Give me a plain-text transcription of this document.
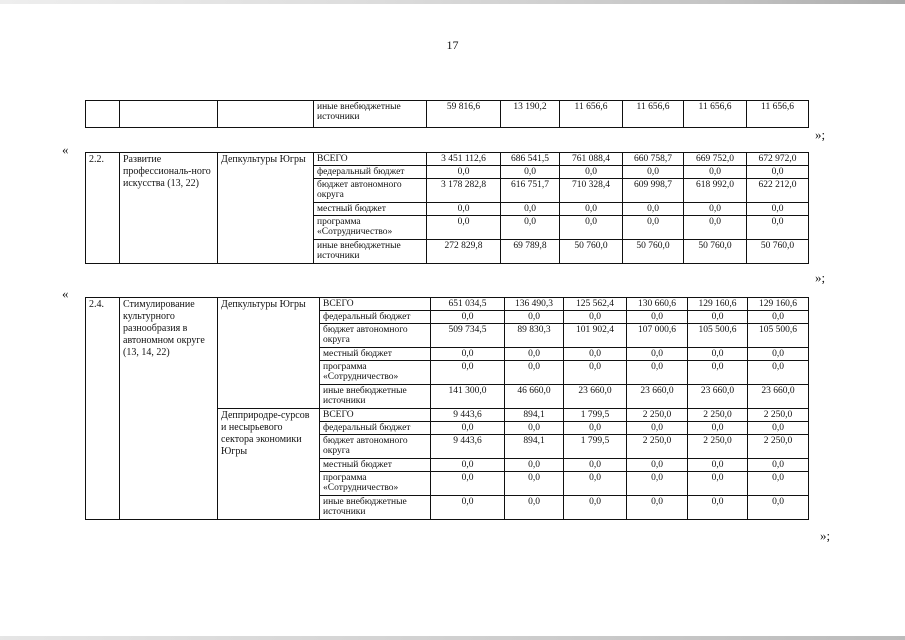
17
			иные внебюджетные источники	59 816,6	13 190,2	11 656,6	11 656,6	11 656,6	11 656,6
»;
«
2.2.	Развитие профессиональ-ного искусства (13, 22)	Депкультуры Югры	ВСЕГО	3 451 112,6	686 541,5	761 088,4	660 758,7	669 752,0	672 972,0
			федеральный бюджет	0,0	0,0	0,0	0,0	0,0	0,0
			бюджет автономного округа	3 178 282,8	616 751,7	710 328,4	609 998,7	618 992,0	622 212,0
			местный бюджет	0,0	0,0	0,0	0,0	0,0	0,0
			программа «Сотрудничество»	0,0	0,0	0,0	0,0	0,0	0,0
			иные внебюджетные источники	272 829,8	69 789,8	50 760,0	50 760,0	50 760,0	50 760,0
»;
«
2.4.	Стимулирование культурного разнообразия в автономном округе (13, 14, 22)	Депкультуры Югры	ВСЕГО	651 034,5	136 490,3	125 562,4	130 660,6	129 160,6	129 160,6
			федеральный бюджет	0,0	0,0	0,0	0,0	0,0	0,0
			бюджет автономного округа	509 734,5	89 830,3	101 902,4	107 000,6	105 500,6	105 500,6
			местный бюджет	0,0	0,0	0,0	0,0	0,0	0,0
			программа «Сотрудничество»	0,0	0,0	0,0	0,0	0,0	0,0
			иные внебюджетные источники	141 300,0	46 660,0	23 660,0	23 660,0	23 660,0	23 660,0
		Депприродре-сурсов и несырьевого сектора экономики Югры	ВСЕГО	9 443,6	894,1	1 799,5	2 250,0	2 250,0	2 250,0
			федеральный бюджет	0,0	0,0	0,0	0,0	0,0	0,0
			бюджет автономного округа	9 443,6	894,1	1 799,5	2 250,0	2 250,0	2 250,0
			местный бюджет	0,0	0,0	0,0	0,0	0,0	0,0
			программа «Сотрудничество»	0,0	0,0	0,0	0,0	0,0	0,0
			иные внебюджетные источники	0,0	0,0	0,0	0,0	0,0	0,0
»;
